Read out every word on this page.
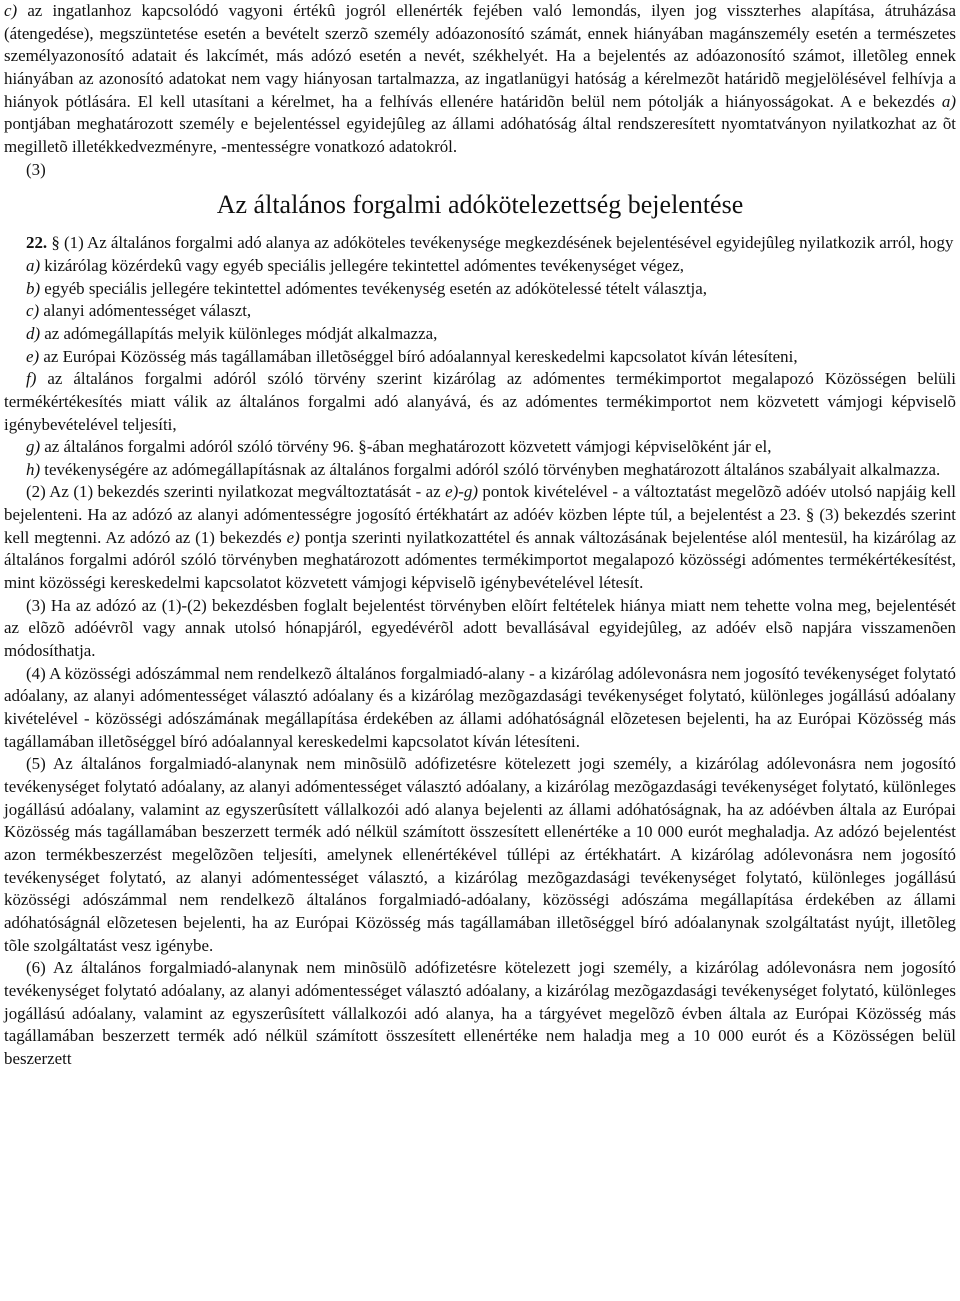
c) az ingatlanhoz kapcsolódó vagyoni értékû jogról ellenérték fejében való lemondás, ilyen jog visszterhes alapítása, átruházása (átengedése), megszüntetése esetén a bevételt szerzõ személy adóazonosító számát, ennek hiányában magánszemély esetén a természetes személyazonosító adatait és lakcímét, más adózó esetén a nevét, székhelyét. Ha a bejelentés az adóazonosító számot, illetõleg ennek hiányában az azonosító adatokat nem vagy hiányosan tartalmazza, az ingatlanügyi hatóság a kérelmezõt határidõ megjelölésével felhívja a hiányok pótlására. El kell utasítani a kérelmet, ha a felhívás ellenére határidõn belül nem pótolják a hiányosságokat. A e bekezdés a) pontjában meghatározott személy e bejelentéssel egyidejûleg az állami adóhatóság által rendszeresített nyomtatványon nyilatkozhat az õt megilletõ illetékkedvezményre, -mentességre vonatkozó adatokról.

(3)

Az általános forgalmi adókötelezettség bejelentése

22. § (1) Az általános forgalmi adó alanya az adóköteles tevékenysége megkezdésének bejelentésével egyidejûleg nyilatkozik arról, hogy

a) kizárólag közérdekû vagy egyéb speciális jellegére tekintettel adómentes tevékenységet végez,

b) egyéb speciális jellegére tekintettel adómentes tevékenység esetén az adókötelessé tételt választja,

c) alanyi adómentességet választ,

d) az adómegállapítás melyik különleges módját alkalmazza,

e) az Európai Közösség más tagállamában illetõséggel bíró adóalannyal kereskedelmi kapcsolatot kíván létesíteni,

f) az általános forgalmi adóról szóló törvény szerint kizárólag az adómentes termékimportot megalapozó Közösségen belüli termékértékesítés miatt válik az általános forgalmi adó alanyává, és az adómentes termékimportot nem közvetett vámjogi képviselõ igénybevételével teljesíti,

g) az általános forgalmi adóról szóló törvény 96. §-ában meghatározott közvetett vámjogi képviselõként jár el,

h) tevékenységére az adómegállapításnak az általános forgalmi adóról szóló törvényben meghatározott általános szabályait alkalmazza.

(2) Az (1) bekezdés szerinti nyilatkozat megváltoztatását - az e)-g) pontok kivételével - a változtatást megelõzõ adóév utolsó napjáig kell bejelenteni. Ha az adózó az alanyi adómentességre jogosító értékhatárt az adóév közben lépte túl, a bejelentést a 23. § (3) bekezdés szerint kell megtenni. Az adózó az (1) bekezdés e) pontja szerinti nyilatkozattétel és annak változásának bejelentése alól mentesül, ha kizárólag az általános forgalmi adóról szóló törvényben meghatározott adómentes termékimportot megalapozó közösségi adómentes termékértékesítést, mint közösségi kereskedelmi kapcsolatot közvetett vámjogi képviselõ igénybevételével létesít.

(3) Ha az adózó az (1)-(2) bekezdésben foglalt bejelentést törvényben elõírt feltételek hiánya miatt nem tehette volna meg, bejelentését az elõzõ adóévrõl vagy annak utolsó hónapjáról, egyedévérõl adott bevallásával egyidejûleg, az adóév elsõ napjára visszamenõen módosíthatja.

(4) A közösségi adószámmal nem rendelkezõ általános forgalmiadó-alany - a kizárólag adólevonásra nem jogosító tevékenységet folytató adóalany, az alanyi adómentességet választó adóalany és a kizárólag mezõgazdasági tevékenységet folytató, különleges jogállású adóalany kivételével - közösségi adószámának megállapítása érdekében az állami adóhatóságnál elõzetesen bejelenti, ha az Európai Közösség más tagállamában illetõséggel bíró adóalannyal kereskedelmi kapcsolatot kíván létesíteni.

(5) Az általános forgalmiadó-alanynak nem minõsülõ adófizetésre kötelezett jogi személy, a kizárólag adólevonásra nem jogosító tevékenységet folytató adóalany, az alanyi adómentességet választó adóalany, a kizárólag mezõgazdasági tevékenységet folytató, különleges jogállású adóalany, valamint az egyszerûsített vállalkozói adó alanya bejelenti az állami adóhatóságnak, ha az adóévben általa az Európai Közösség más tagállamában beszerzett termék adó nélkül számított összesített ellenértéke a 10 000 eurót meghaladja. Az adózó bejelentést azon termékbeszerzést megelõzõen teljesíti, amelynek ellenértékével túllépi az értékhatárt. A kizárólag adólevonásra nem jogosító tevékenységet folytató, az alanyi adómentességet választó, a kizárólag mezõgazdasági tevékenységet folytató, különleges jogállású közösségi adószámmal nem rendelkezõ általános forgalmiadó-adóalany, közösségi adószáma megállapítása érdekében az állami adóhatóságnál elõzetesen bejelenti, ha az Európai Közösség más tagállamában illetõséggel bíró adóalanynak szolgáltatást nyújt, illetõleg tõle szolgáltatást vesz igénybe.

(6) Az általános forgalmiadó-alanynak nem minõsülõ adófizetésre kötelezett jogi személy, a kizárólag adólevonásra nem jogosító tevékenységet folytató adóalany, az alanyi adómentességet választó adóalany, a kizárólag mezõgazdasági tevékenységet folytató, különleges jogállású adóalany, valamint az egyszerûsített vállalkozói adó alanya, ha a tárgyévet megelõzõ évben általa az Európai Közösség más tagállamában beszerzett termék adó nélkül számított összesített ellenértéke nem haladja meg a 10 000 eurót és a Közösségen belül beszerzett
